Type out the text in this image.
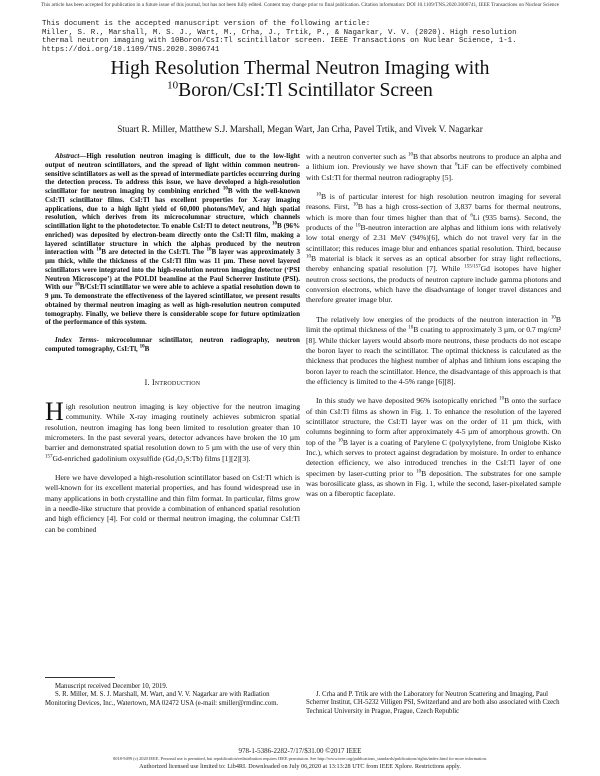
This article has been accepted for publication in a future issue of this journal, but has not been fully edited. Content may change prior to final publication. Citation information: DOI 10.1109/TNS.2020.3006741, IEEE Transactions on Nuclear Science
This document is the accepted manuscript version of the following article:
Miller, S. R., Marshall, M. S. J., Wart, M., Crha, J., Trtik, P., & Nagarkar, V. V. (2020). High resolution
thermal neutron imaging with 10Boron/CsI:Tl scintillator screen. IEEE Transactions on Nuclear Science, 1-1.
https://doi.org/10.1109/TNS.2020.3006741
High Resolution Thermal Neutron Imaging with
$^{10}$Boron/CsI:Tl Scintillator Screen
Stuart R. Miller, Matthew S.J. Marshall, Megan Wart, Jan Crha, Pavel Trtik, and Vivek V. Nagarkar

Abstract—High resolution neutron imaging is difficult, due to the low-light output of neutron scintillators, and the spread of light within common neutron-sensitive scintillators as well as the spread of intermediate particles occurring during the detection process. To address this issue, we have developed a high-resolution scintillator for neutron imaging by combining enriched $^{10}$B with the well-known CsI:Tl scintillator films. CsI:Tl has excellent properties for X-ray imaging applications, due to a high light yield of 60,000 photons/MeV, and high spatial resolution, which derives from its microcolumnar structure, which channels scintillation light to the photodetector. To enable CsI:Tl to detect neutrons, $^{10}$B (96% enriched) was deposited by electron-beam directly onto the CsI:Tl film, making a layered scintillator structure in which the alphas produced by the neutron interaction with $^{10}$B are detected in the CsI:Tl. The $^{10}$B layer was approximately 3 µm thick, while the thickness of the CsI:Tl film was 11 µm. These novel layered scintillators were integrated into the high-resolution neutron imaging detector (‘PSI Neutron Microscope’) at the POLDI beamline at the Paul Scherrer Institute (PSI). With our $^{10}$B/CsI:Tl scintillator we were able to achieve a spatial resolution down to 9 µm. To demonstrate the effectiveness of the layered scintillator, we present results obtained by thermal neutron imaging as well as high-resolution neutron computed tomography. Finally, we believe there is considerable scope for future optimization of the performance of this system.

Index Terms- microcolumnar scintillator, neutron radiography, neutron computed tomography, CsI:Tl, $^{10}$B

I. Introduction

High resolution neutron imaging is key objective for the neutron imaging community. While X-ray imaging routinely achieves submicron spatial resolution, neutron imaging has long been limited to resolution greater than 10 micrometers. In the past several years, detector advances have broken the 10 µm barrier and demonstrated spatial resolution down to 5 µm with the use of very thin $^{157}$Gd-enriched gadolinium oxysulfide (Gd₂O₂S:Tb) films [1][2][3].

Here we have developed a high-resolution scintillator based on CsI:Tl which is well-known for its excellent material properties, and has found widespread use in many applications in both crystalline and thin film format. In particular, films grow in a needle-like structure that provide a combination of enhanced spatial resolution and high efficiency [4]. For cold or thermal neutron imaging, the columnar CsI:Tl can be combined

with a neutron converter such as $^{10}$B that absorbs neutrons to produce an alpha and a lithium ion. Previously we have shown that $^6$LiF can be effectively combined with CsI:Tl for thermal neutron radiography [5].

$^{10}$B is of particular interest for high resolution neutron imaging for several reasons. First, $^{10}$B has a high cross-section of 3,837 barns for thermal neutrons, which is more than four times higher than that of $^6$Li (935 barns). Second, the products of the $^{10}$B-neutron interaction are alphas and lithium ions with relatively low total energy of 2.31 MeV (94%)[6], which do not travel very far in the scintillator; this reduces image blur and enhances spatial resolution. Third, because $^{10}$B material is black it serves as an optical absorber for stray light reflections, thereby enhancing spatial resolution [7]. While $^{155/157}$Gd isotopes have higher neutron cross sections, the products of neutron capture include gamma photons and conversion electrons, which have the disadvantage of longer travel distances and therefore greater image blur.

The relatively low energies of the products of the neutron interaction in $^{10}$B limit the optimal thickness of the $^{10}$B coating to approximately 3 µm, or 0.7 mg/cm² [8]. While thicker layers would absorb more neutrons, these products do not escape the boron layer to reach the scintillator. The optimal thickness is calculated as the thickness that produces the highest number of alphas and lithium ions escaping the boron layer to reach the scintillator. Hence, the disadvantage of this approach is that the efficiency is limited to the 4-5% range [6][8].

In this study we have deposited 96% isotopically enriched $^{10}$B onto the surface of thin CsI:Tl films as shown in Fig. 1. To enhance the resolution of the layered scintillator structure, the CsI:Tl layer was on the order of 11 µm thick, with columns beginning to form after approximately 4-5 µm of amorphous growth. On top of the $^{10}$B layer is a coating of Parylene C (polyxylylene, from Uniglobe Kisko Inc.), which serves to protect against degradation by moisture. In order to enhance detection efficiency, we also introduced trenches in the CsI:Tl layer of one specimen by laser-cutting prior to $^{10}$B deposition. The substrates for one sample was borosilicate glass, as shown in Fig. 1, while the second, laser-pixelated sample was on a fiberoptic faceplate.

Manuscript received December 10, 2019.

S. R. Miller, M. S. J. Marshall, M. Wart, and V. V. Nagarkar are with Radiation Monitoring Devices, Inc., Watertown, MA 02472 USA (e-mail: smiller@rmdinc.com.

J. Crha and P. Trtik are with the Laboratory for Neutron Scattering and Imaging, Paul Scherrer Institut, CH-5232 Villigen PSI, Switzerland and are both also associated with Czech Technical University in Prague, Prague, Czech Republic

978-1-5386-2282-7/17/$31.00 ©2017 IEEE
0018-9499 (c) 2020 IEEE. Personal use is permitted, but republication/redistribution requires IEEE permission. See http://www.ieee.org/publications_standards/publications/rights/index.html for more information.
Authorized licensed use limited to: Lib4RI. Downloaded on July 06,2020 at 13:13:28 UTC from IEEE Xplore. Restrictions apply.
